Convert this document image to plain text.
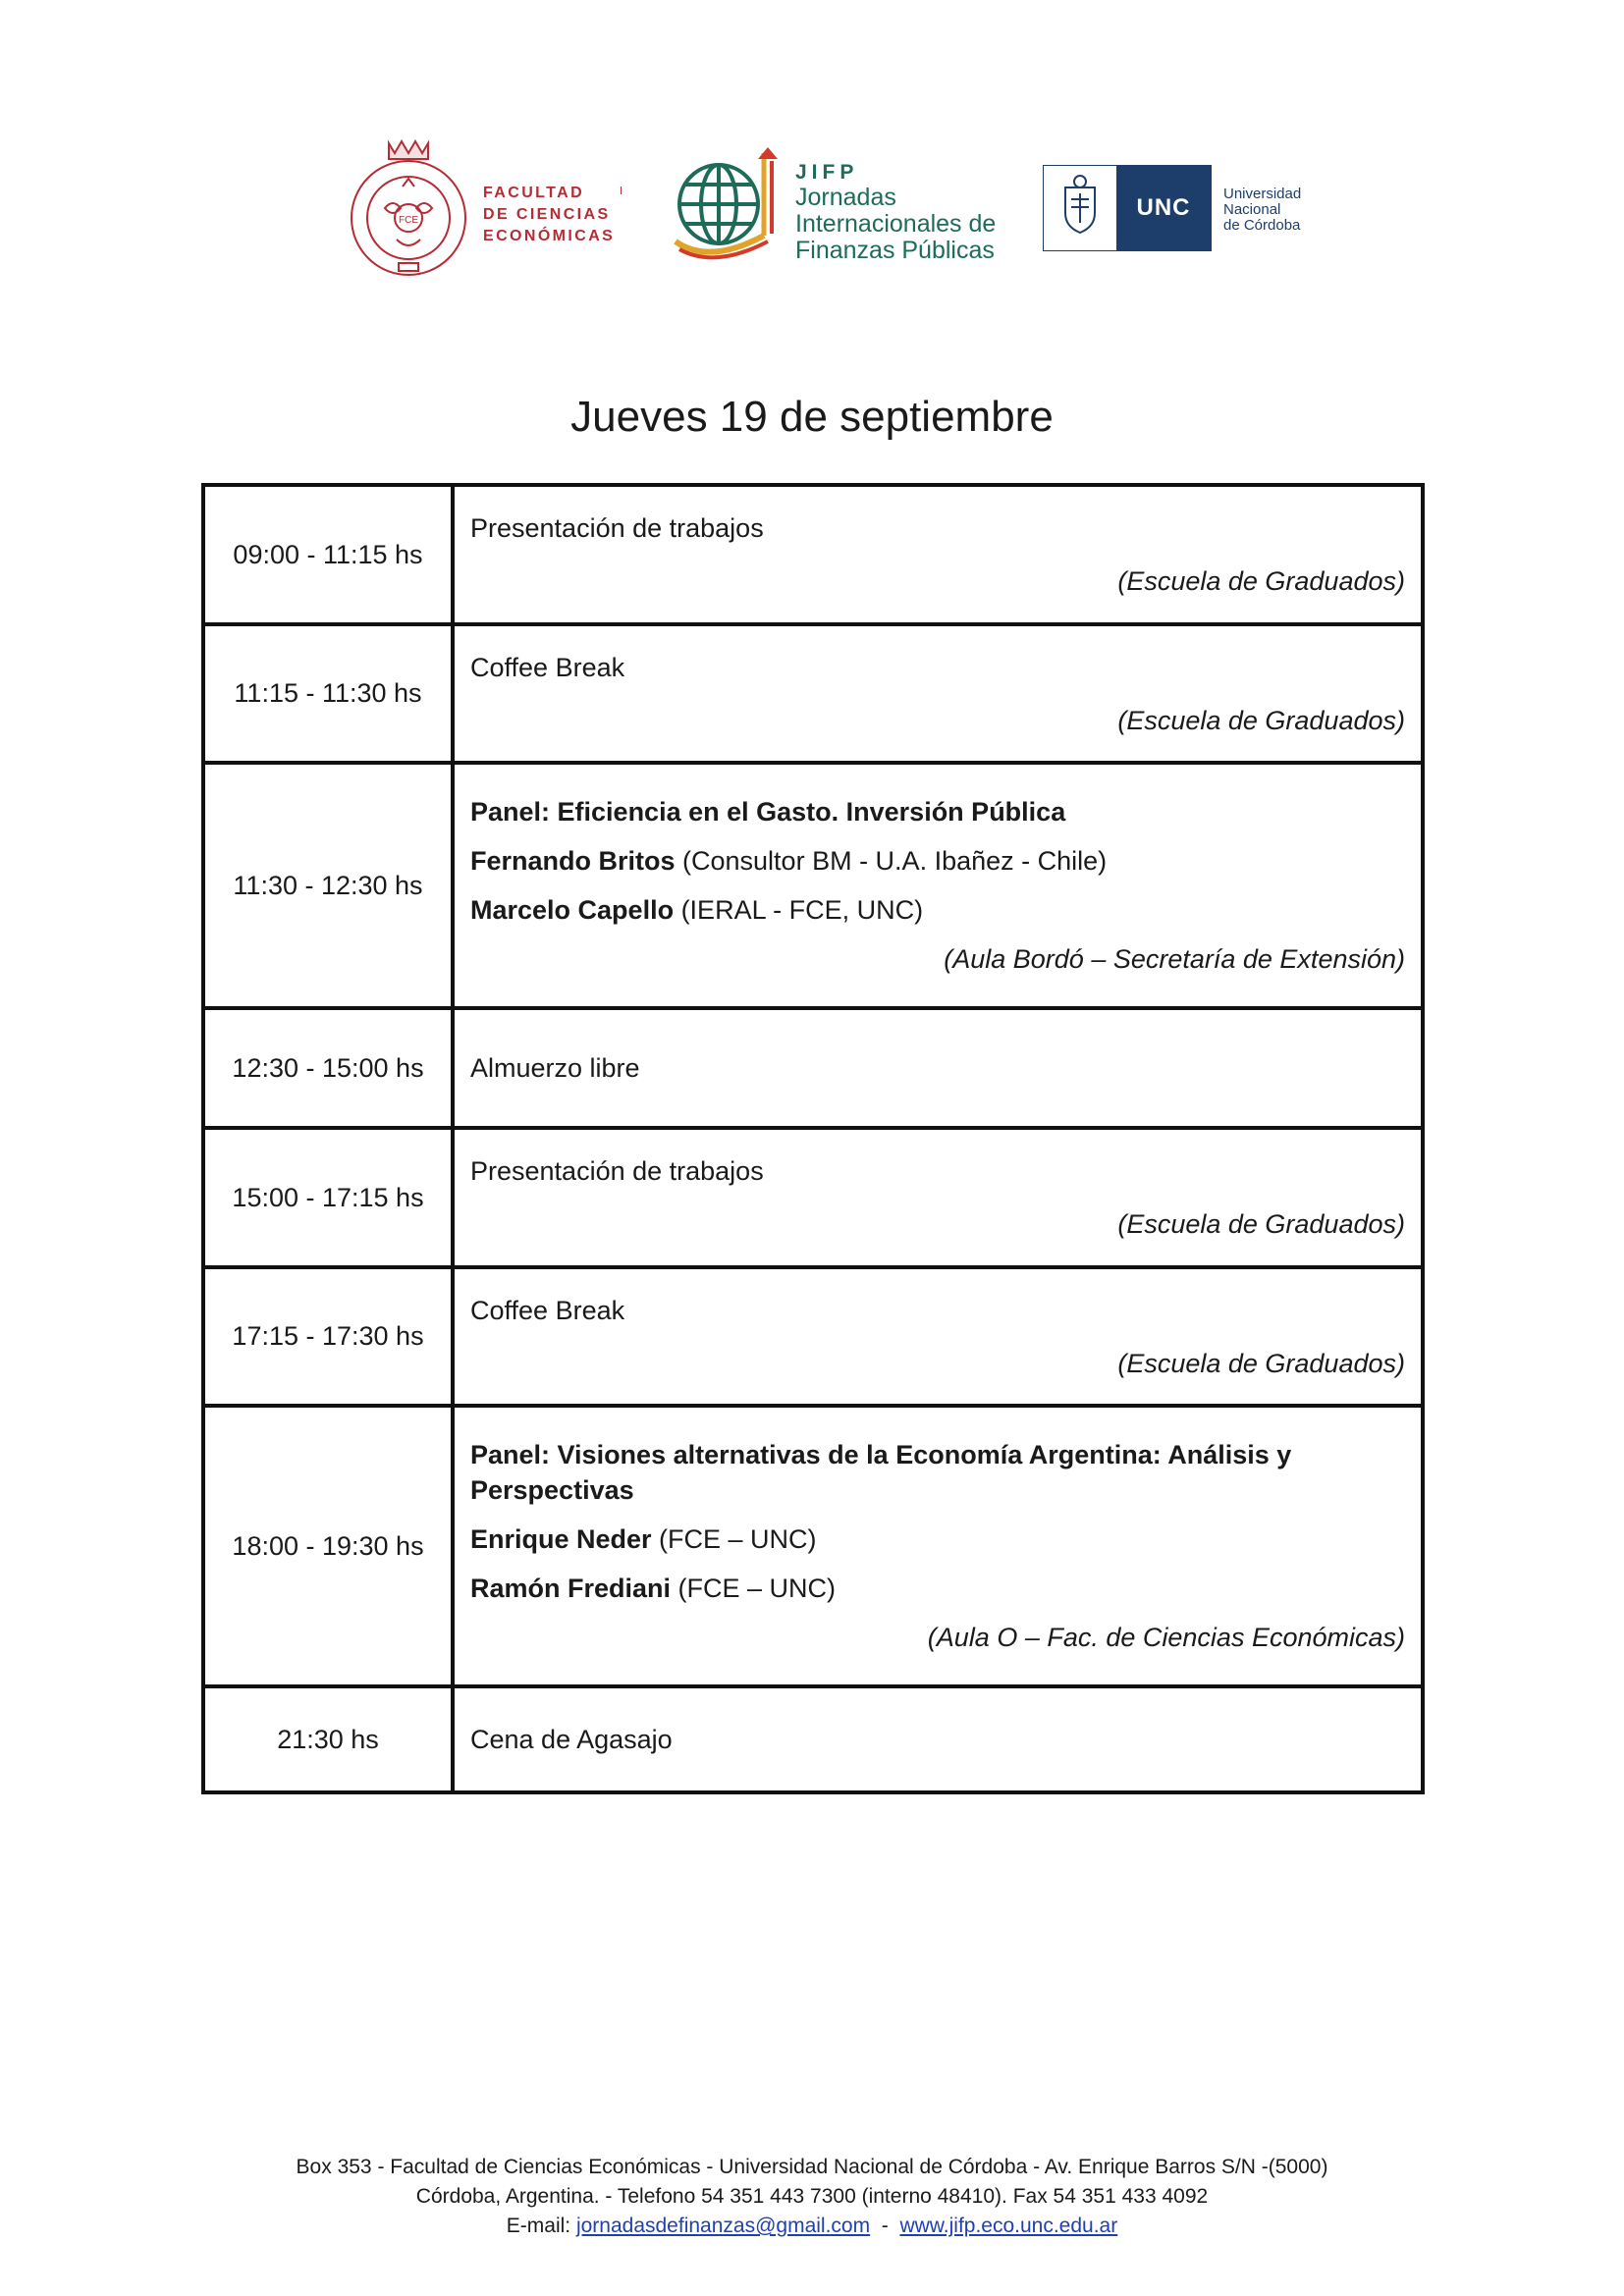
FCE
FACULTAD
DE CIENCIAS
ECONÓMICAS
JIFP
Jornadas
Internacionales de
Finanzas Públicas
UNC
Universidad
Nacional
de Córdoba
Jueves 19 de septiembre
09:00 - 11:15 hs	Presentación de trabajos
(Escuela de Graduados)

11:15 - 11:30 hs	Coffee Break
(Escuela de Graduados)

11:30 - 12:30 hs	Panel: Eficiencia en el Gasto. Inversión Pública
Fernando Britos (Consultor BM - U.A. Ibañez - Chile)
Marcelo Capello (IERAL - FCE, UNC)
(Aula Bordó – Secretaría de Extensión)

12:30 - 15:00 hs	Almuerzo libre

15:00 - 17:15 hs	Presentación de trabajos
(Escuela de Graduados)

17:15 - 17:30 hs	Coffee Break
(Escuela de Graduados)

18:00 - 19:30 hs	Panel: Visiones alternativas de la Economía Argentina: Análisis y
Perspectivas
Enrique Neder (FCE – UNC)
Ramón Frediani (FCE – UNC)
(Aula O – Fac. de Ciencias Económicas)

21:30 hs	Cena de Agasajo
Box 353 - Facultad de Ciencias Económicas - Universidad Nacional de Córdoba - Av. Enrique Barros S/N -(5000)
Córdoba, Argentina. - Telefono 54 351 443 7300 (interno 48410). Fax 54 351 433 4092
E-mail: jornadasdefinanzas@gmail.com  -  www.jifp.eco.unc.edu.ar
